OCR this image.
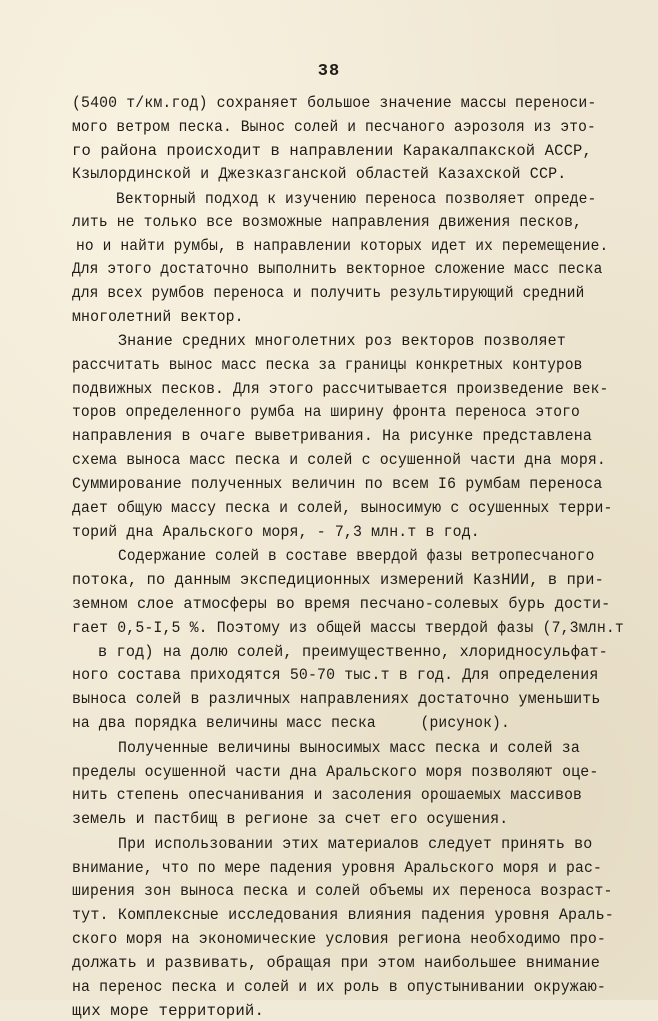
38
(5400 т/км.год) сохраняет большое значение массы переноси-
мого ветром песка. Вынос солей и песчаного аэрозоля из это-
го района происходит в направлении Каракалпакской АССР,
Кзылординской и Джезказганской областей Казахской ССР.
Векторный подход к изучению переноса позволяет опреде-
лить не только все возможные направления движения песков,
но и найти румбы, в направлении которых идет их перемещение.
Для этого достаточно выполнить векторное сложение масс песка
для всех румбов переноса и получить результирующий средний
многолетний вектор.
Знание средних многолетних роз векторов позволяет
рассчитать вынос масс песка за границы конкретных контуров
подвижных песков. Для этого рассчитывается произведение век-
торов определенного румба на ширину фронта переноса этого
направления в очаге выветривания. На рисунке представлена
схема выноса масс песка и солей с осушенной части дна моря.
Суммирование полученных величин по всем I6 румбам переноса
дает общую массу песка и солей, выносимую с осушенных терри-
торий дна Аральского моря, - 7,3 млн.т в год.
Содержание солей в составе ввердой фазы ветропесчаного
потока, по данным экспедиционных измерений КазНИИ, в при-
земном слое атмосферы во время песчано-солевых бурь дости-
гает 0,5-I,5 %. Поэтому из общей массы твердой фазы (7,3млн.т
в год) на долю солей, преимущественно, хлоридносульфат-
ного состава приходятся 50-70 тыс.т в год. Для определения
выноса солей в различных направлениях достаточно уменьшить
на два порядка величины масс песка     (рисунок).
Полученные величины выносимых масс песка и солей за
пределы осушенной части дна Аральского моря позволяют оце-
нить степень опесчанивания и засоления орошаемых массивов
земель и пастбищ в регионе за счет его осушения.
При использовании этих материалов следует принять во
внимание, что по мере падения уровня Аральского моря и рас-
ширения зон выноса песка и солей объемы их переноса возраст-
тут. Комплексные исследования влияния падения уровня Араль-
ского моря на экономические условия региона необходимо про-
должать и развивать, обращая при этом наибольшее внимание
на перенос песка и солей и их роль в опустынивании окружаю-
щих море территорий.
